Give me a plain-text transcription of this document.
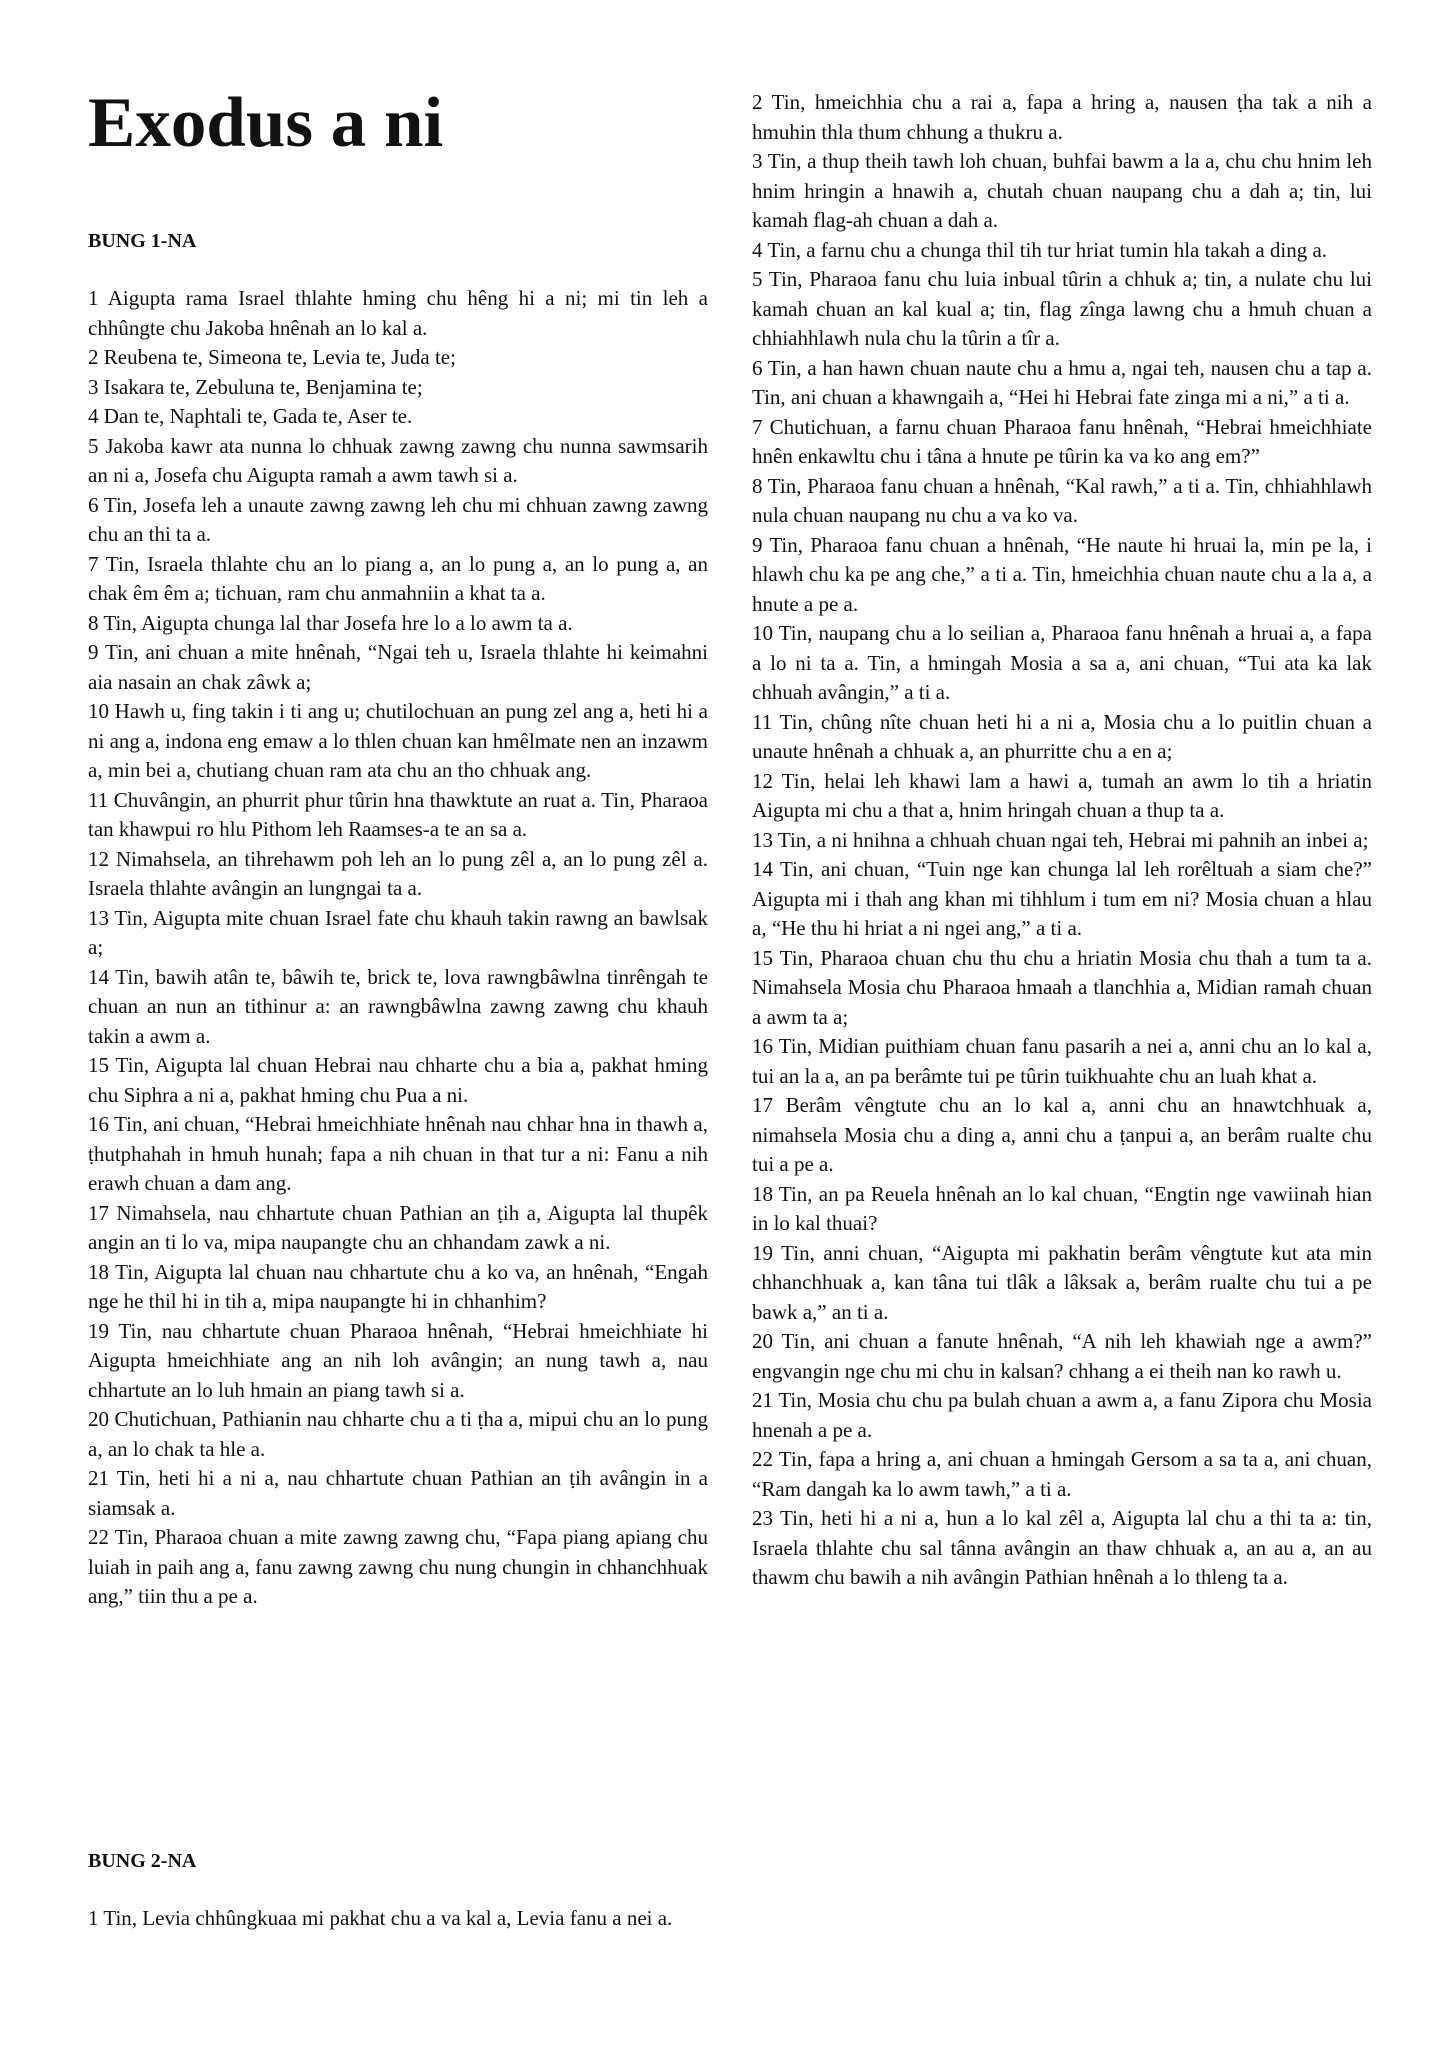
Exodus a ni
BUNG 1-NA

1 Aigupta rama Israel thlahte hming chu hêng hi a ni; mi tin leh a chhûngte chu Jakoba hnênah an lo kal a.

2 Reubena te, Simeona te, Levia te, Juda te;

3 Isakara te, Zebuluna te, Benjamina te;

4 Dan te, Naphtali te, Gada te, Aser te.

5 Jakoba kawr ata nunna lo chhuak zawng zawng chu nunna sawmsarih an ni a, Josefa chu Aigupta ramah a awm tawh si a.

6 Tin, Josefa leh a unaute zawng zawng leh chu mi chhuan zawng zawng chu an thi ta a.

7 Tin, Israela thlahte chu an lo piang a, an lo pung a, an lo pung a, an chak êm êm a; tichuan, ram chu anmahniin a khat ta a.

8 Tin, Aigupta chunga lal thar Josefa hre lo a lo awm ta a.

9 Tin, ani chuan a mite hnênah, “Ngai teh u, Israela thlahte hi keimahni aia nasain an chak zâwk a;

10 Hawh u, fing takin i ti ang u; chutilochuan an pung zel ang a, heti hi a ni ang a, indona eng emaw a lo thlen chuan kan hmêlmate nen an inzawm a, min bei a, chutiang chuan ram ata chu an tho chhuak ang.

11 Chuvângin, an phurrit phur tûrin hna thawktute an ruat a. Tin, Pharaoa tan khawpui ro hlu Pithom leh Raamses-a te an sa a.

12 Nimahsela, an tihrehawm poh leh an lo pung zêl a, an lo pung zêl a. Israela thlahte avângin an lungngai ta a.

13 Tin, Aigupta mite chuan Israel fate chu khauh takin rawng an bawlsak a;

14 Tin, bawih atân te, bâwih te, brick te, lova rawngbâwlna tinrêngah te chuan an nun an tithinur a: an rawngbâwlna zawng zawng chu khauh takin a awm a.

15 Tin, Aigupta lal chuan Hebrai nau chharte chu a bia a, pakhat hming chu Siphra a ni a, pakhat hming chu Pua a ni.

16 Tin, ani chuan, “Hebrai hmeichhiate hnênah nau chhar hna in thawh a, ṭhutphahah in hmuh hunah; fapa a nih chuan in that tur a ni: Fanu a nih erawh chuan a dam ang.

17 Nimahsela, nau chhartute chuan Pathian an ṭih a, Aigupta lal thupêk angin an ti lo va, mipa naupangte chu an chhandam zawk a ni.

18 Tin, Aigupta lal chuan nau chhartute chu a ko va, an hnênah, “Engah nge he thil hi in tih a, mipa naupangte hi in chhanhim?

19 Tin, nau chhartute chuan Pharaoa hnênah, “Hebrai hmeichhiate hi Aigupta hmeichhiate ang an nih loh avângin; an nung tawh a, nau chhartute an lo luh hmain an piang tawh si a.

20 Chutichuan, Pathianin nau chharte chu a ti ṭha a, mipui chu an lo pung a, an lo chak ta hle a.

21 Tin, heti hi a ni a, nau chhartute chuan Pathian an ṭih avângin in a siamsak a.

22 Tin, Pharaoa chuan a mite zawng zawng chu, “Fapa piang apiang chu luiah in paih ang a, fanu zawng zawng chu nung chungin in chhanchhuak ang,” tiin thu a pe a.

BUNG 2-NA

1 Tin, Levia chhûngkuaa mi pakhat chu a va kal a, Levia fanu a nei a.

2 Tin, hmeichhia chu a rai a, fapa a hring a, nausen ṭha tak a nih a hmuhin thla thum chhung a thukru a.

3 Tin, a thup theih tawh loh chuan, buhfai bawm a la a, chu chu hnim leh hnim hringin a hnawih a, chutah chuan naupang chu a dah a; tin, lui kamah flag-ah chuan a dah a.

4 Tin, a farnu chu a chunga thil tih tur hriat tumin hla takah a ding a.

5 Tin, Pharaoa fanu chu luia inbual tûrin a chhuk a; tin, a nulate chu lui kamah chuan an kal kual a; tin, flag zînga lawng chu a hmuh chuan a chhiahhlawh nula chu la tûrin a tîr a.

6 Tin, a han hawn chuan naute chu a hmu a, ngai teh, nausen chu a tap a. Tin, ani chuan a khawngaih a, “Hei hi Hebrai fate zinga mi a ni,” a ti a.

7 Chutichuan, a farnu chuan Pharaoa fanu hnênah, “Hebrai hmeichhiate hnên enkawltu chu i tâna a hnute pe tûrin ka va ko ang em?”

8 Tin, Pharaoa fanu chuan a hnênah, “Kal rawh,” a ti a. Tin, chhiahhlawh nula chuan naupang nu chu a va ko va.

9 Tin, Pharaoa fanu chuan a hnênah, “He naute hi hruai la, min pe la, i hlawh chu ka pe ang che,” a ti a. Tin, hmeichhia chuan naute chu a la a, a hnute a pe a.

10 Tin, naupang chu a lo seilian a, Pharaoa fanu hnênah a hruai a, a fapa a lo ni ta a. Tin, a hmingah Mosia a sa a, ani chuan, “Tui ata ka lak chhuah avângin,” a ti a.

11 Tin, chûng nîte chuan heti hi a ni a, Mosia chu a lo puitlin chuan a unaute hnênah a chhuak a, an phurritte chu a en a;

12 Tin, helai leh khawi lam a hawi a, tumah an awm lo tih a hriatin Aigupta mi chu a that a, hnim hringah chuan a thup ta a.

13 Tin, a ni hnihna a chhuah chuan ngai teh, Hebrai mi pahnih an inbei a;

14 Tin, ani chuan, “Tuin nge kan chunga lal leh rorêltuah a siam che?” Aigupta mi i thah ang khan mi tihhlum i tum em ni? Mosia chuan a hlau a, “He thu hi hriat a ni ngei ang,” a ti a.

15 Tin, Pharaoa chuan chu thu chu a hriatin Mosia chu thah a tum ta a. Nimahsela Mosia chu Pharaoa hmaah a tlanchhia a, Midian ramah chuan a awm ta a;

16 Tin, Midian puithiam chuan fanu pasarih a nei a, anni chu an lo kal a, tui an la a, an pa berâmte tui pe tûrin tuikhuahte chu an luah khat a.

17 Berâm vêngtute chu an lo kal a, anni chu an hnawtchhuak a, nimahsela Mosia chu a ding a, anni chu a ṭanpui a, an berâm rualte chu tui a pe a.

18 Tin, an pa Reuela hnênah an lo kal chuan, “Engtin nge vawiinah hian in lo kal thuai?

19 Tin, anni chuan, “Aigupta mi pakhatin berâm vêngtute kut ata min chhanchhuak a, kan tâna tui tlâk a lâksak a, berâm rualte chu tui a pe bawk a,” an ti a.

20 Tin, ani chuan a fanute hnênah, “A nih leh khawiah nge a awm?” engvangin nge chu mi chu in kalsan? chhang a ei theih nan ko rawh u.

21 Tin, Mosia chu chu pa bulah chuan a awm a, a fanu Zipora chu Mosia hnenah a pe a.

22 Tin, fapa a hring a, ani chuan a hmingah Gersom a sa ta a, ani chuan, “Ram dangah ka lo awm tawh,” a ti a.

23 Tin, heti hi a ni a, hun a lo kal zêl a, Aigupta lal chu a thi ta a: tin, Israela thlahte chu sal tânna avângin an thaw chhuak a, an au a, an au thawm chu bawih a nih avângin Pathian hnênah a lo thleng ta a.
